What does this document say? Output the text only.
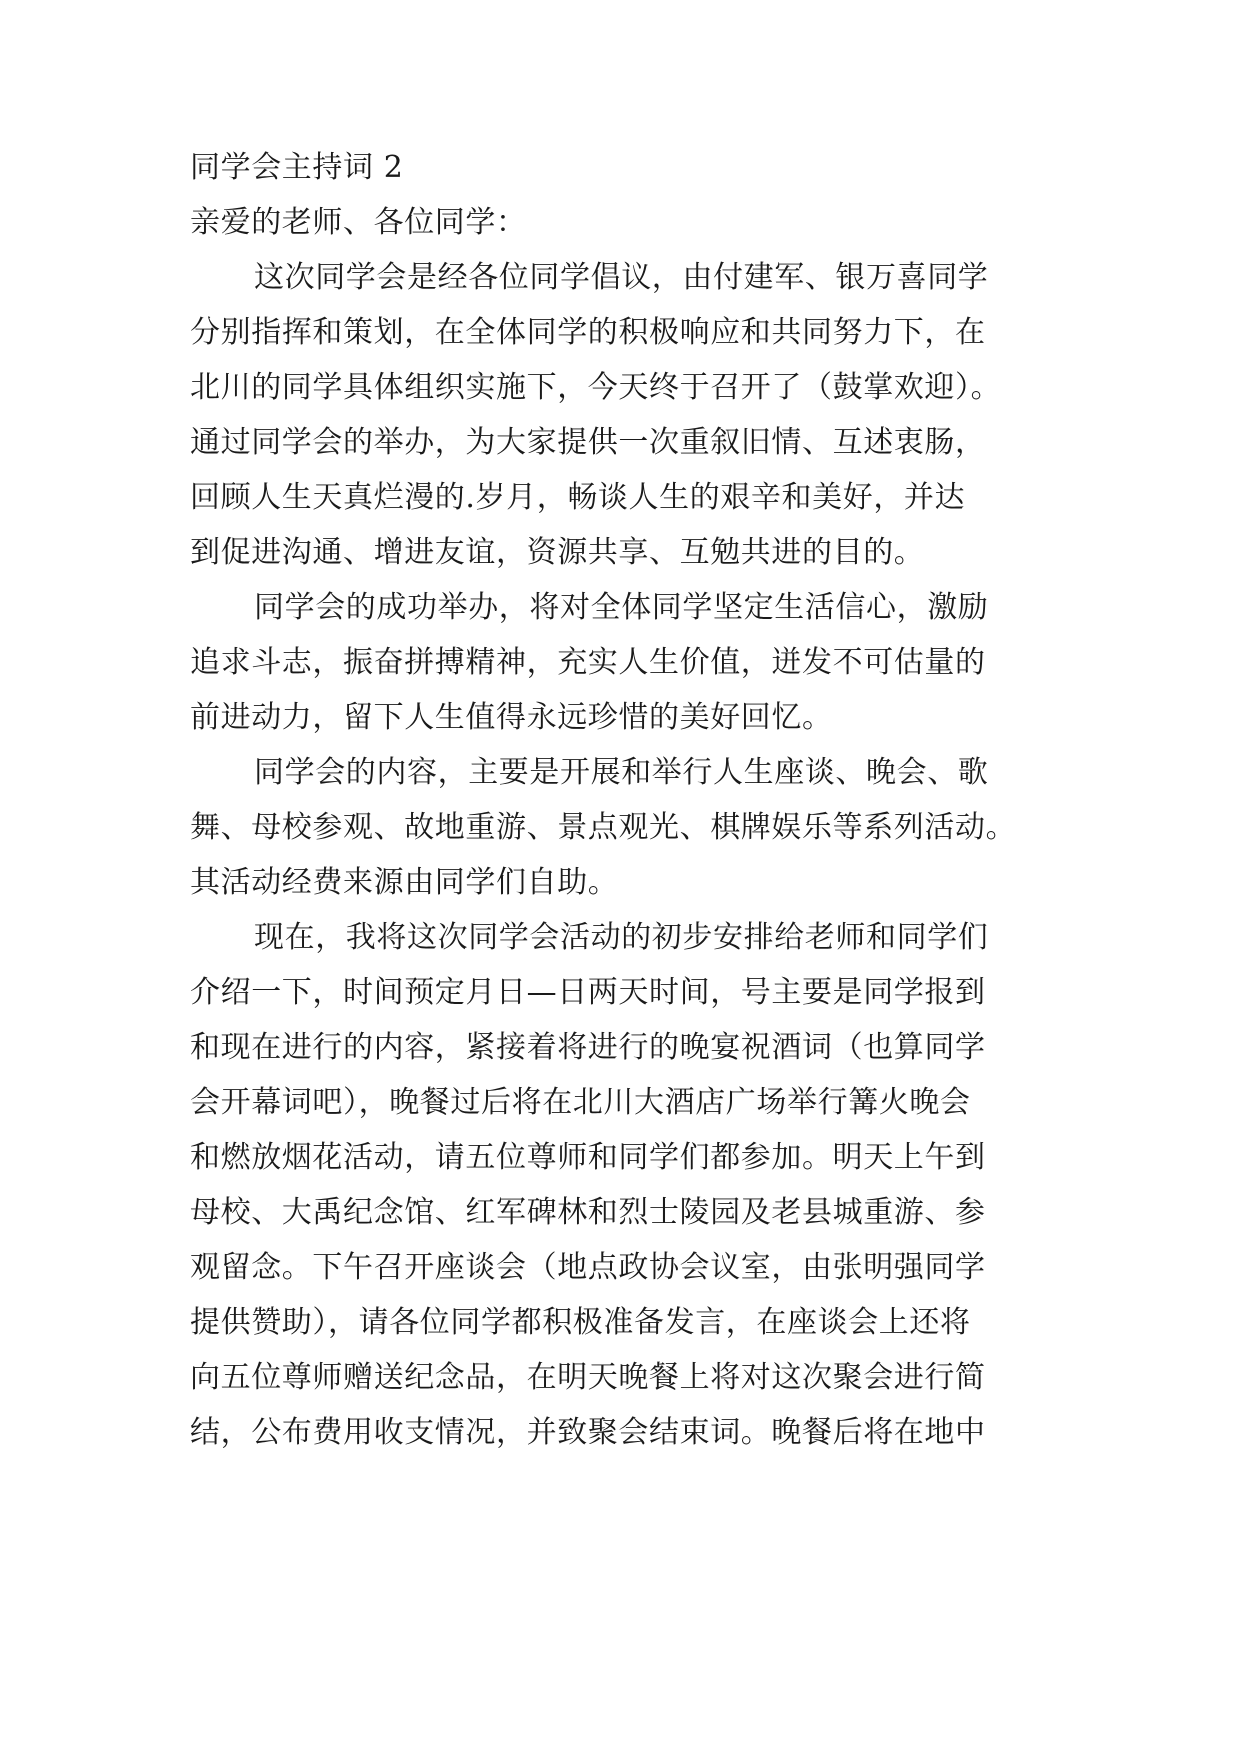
同学会主持词 2
亲爱的老师、各位同学：
这次同学会是经各位同学倡议，由付建军、银万喜同学
分别指挥和策划，在全体同学的积极响应和共同努力下，在
北川的同学具体组织实施下，今天终于召开了（鼓掌欢迎）。
通过同学会的举办，为大家提供一次重叙旧情、互述衷肠，
回顾人生天真烂漫的.岁月，畅谈人生的艰辛和美好，并达
到促进沟通、增进友谊，资源共享、互勉共进的目的。
同学会的成功举办，将对全体同学坚定生活信心，激励
追求斗志，振奋拼搏精神，充实人生价值，迸发不可估量的
前进动力，留下人生值得永远珍惜的美好回忆。
同学会的内容，主要是开展和举行人生座谈、晚会、歌
舞、母校参观、故地重游、景点观光、棋牌娱乐等系列活动。
其活动经费来源由同学们自助。
现在，我将这次同学会活动的初步安排给老师和同学们
介绍一下，时间预定月日—日两天时间，号主要是同学报到
和现在进行的内容，紧接着将进行的晚宴祝酒词（也算同学
会开幕词吧），晚餐过后将在北川大酒店广场举行篝火晚会
和燃放烟花活动，请五位尊师和同学们都参加。明天上午到
母校、大禹纪念馆、红军碑林和烈士陵园及老县城重游、参
观留念。下午召开座谈会（地点政协会议室，由张明强同学
提供赞助），请各位同学都积极准备发言，在座谈会上还将
向五位尊师赠送纪念品，在明天晚餐上将对这次聚会进行简
结，公布费用收支情况，并致聚会结束词。晚餐后将在地中
